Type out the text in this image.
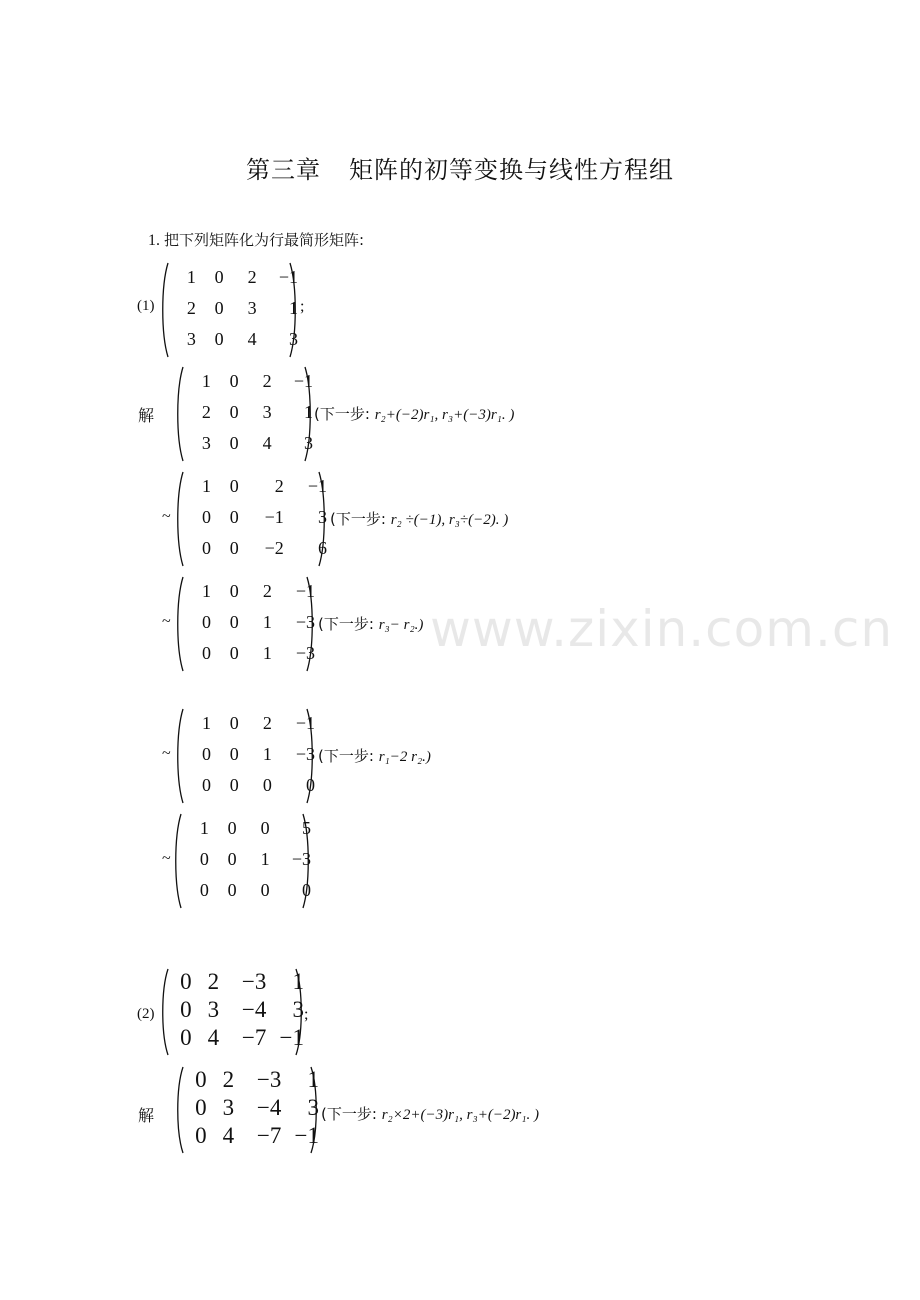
第三章 矩阵的初等变换与线性方程组
1. 把下列矩阵化为行最简形矩阵:
(1)
1	0	2	−1
2	0	3	1
3	0	4	3
;
解
1	0	2	−1
2	0	3	1
3	0	4	3
(下一步: r₂+(−2)r₁, r₃+(−3)r₁. )
~
1	0	2	−1
0	0	−1	3
0	0	−2	6
(下一步: r₂ ÷(−1), r₃÷(−2). )
~
1	0	2	−1
0	0	1	−3
0	0	1	−3
(下一步: r₃− r₂.)
~
1	0	2	−1
0	0	1	−3
0	0	0	0
(下一步: r₁−2 r₂.)
~
1	0	0	5
0	0	1	−3
0	0	0	0
(2)
0	2	−3	1
0	3	−4	3
0	4	−7	−1
;
解
0	2	−3	1
0	3	−4	3
0	4	−7	−1
(下一步: r₂×2+(−3)r₁, r₃+(−2)r₁. )
www.zixin.com.cn
